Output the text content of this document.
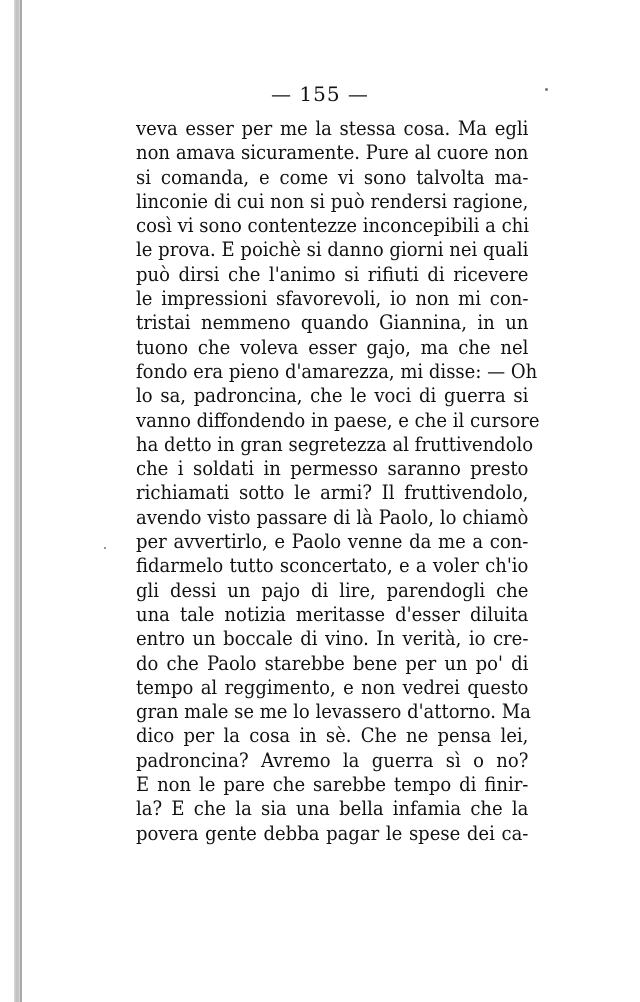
— 155 —
veva esser per me la stessa cosa. Ma egli
non amava sicuramente. Pure al cuore non
si comanda, e come vi sono talvolta ma-
linconie di cui non si può rendersi ragione,
così vi sono contentezze inconcepibili a chi
le prova. E poichè si danno giorni nei quali
può dirsi che l'animo si rifiuti di ricevere
le impressioni sfavorevoli, io non mi con-
tristai nemmeno quando Giannina, in un
tuono che voleva esser gajo, ma che nel
fondo era pieno d'amarezza, mi disse: — Oh
lo sa, padroncina, che le voci di guerra si
vanno diffondendo in paese, e che il cursore
ha detto in gran segretezza al fruttivendolo
che i soldati in permesso saranno presto
richiamati sotto le armi? Il fruttivendolo,
avendo visto passare di là Paolo, lo chiamò
per avvertirlo, e Paolo venne da me a con-
fidarmelo tutto sconcertato, e a voler ch'io
gli dessi un pajo di lire, parendogli che
una tale notizia meritasse d'esser diluita
entro un boccale di vino. In verità, io cre-
do che Paolo starebbe bene per un po' di
tempo al reggimento, e non vedrei questo
gran male se me lo levassero d'attorno. Ma
dico per la cosa in sè. Che ne pensa lei,
padroncina? Avremo la guerra sì o no?
E non le pare che sarebbe tempo di finir-
la? E che la sia una bella infamia che la
povera gente debba pagar le spese dei ca-
